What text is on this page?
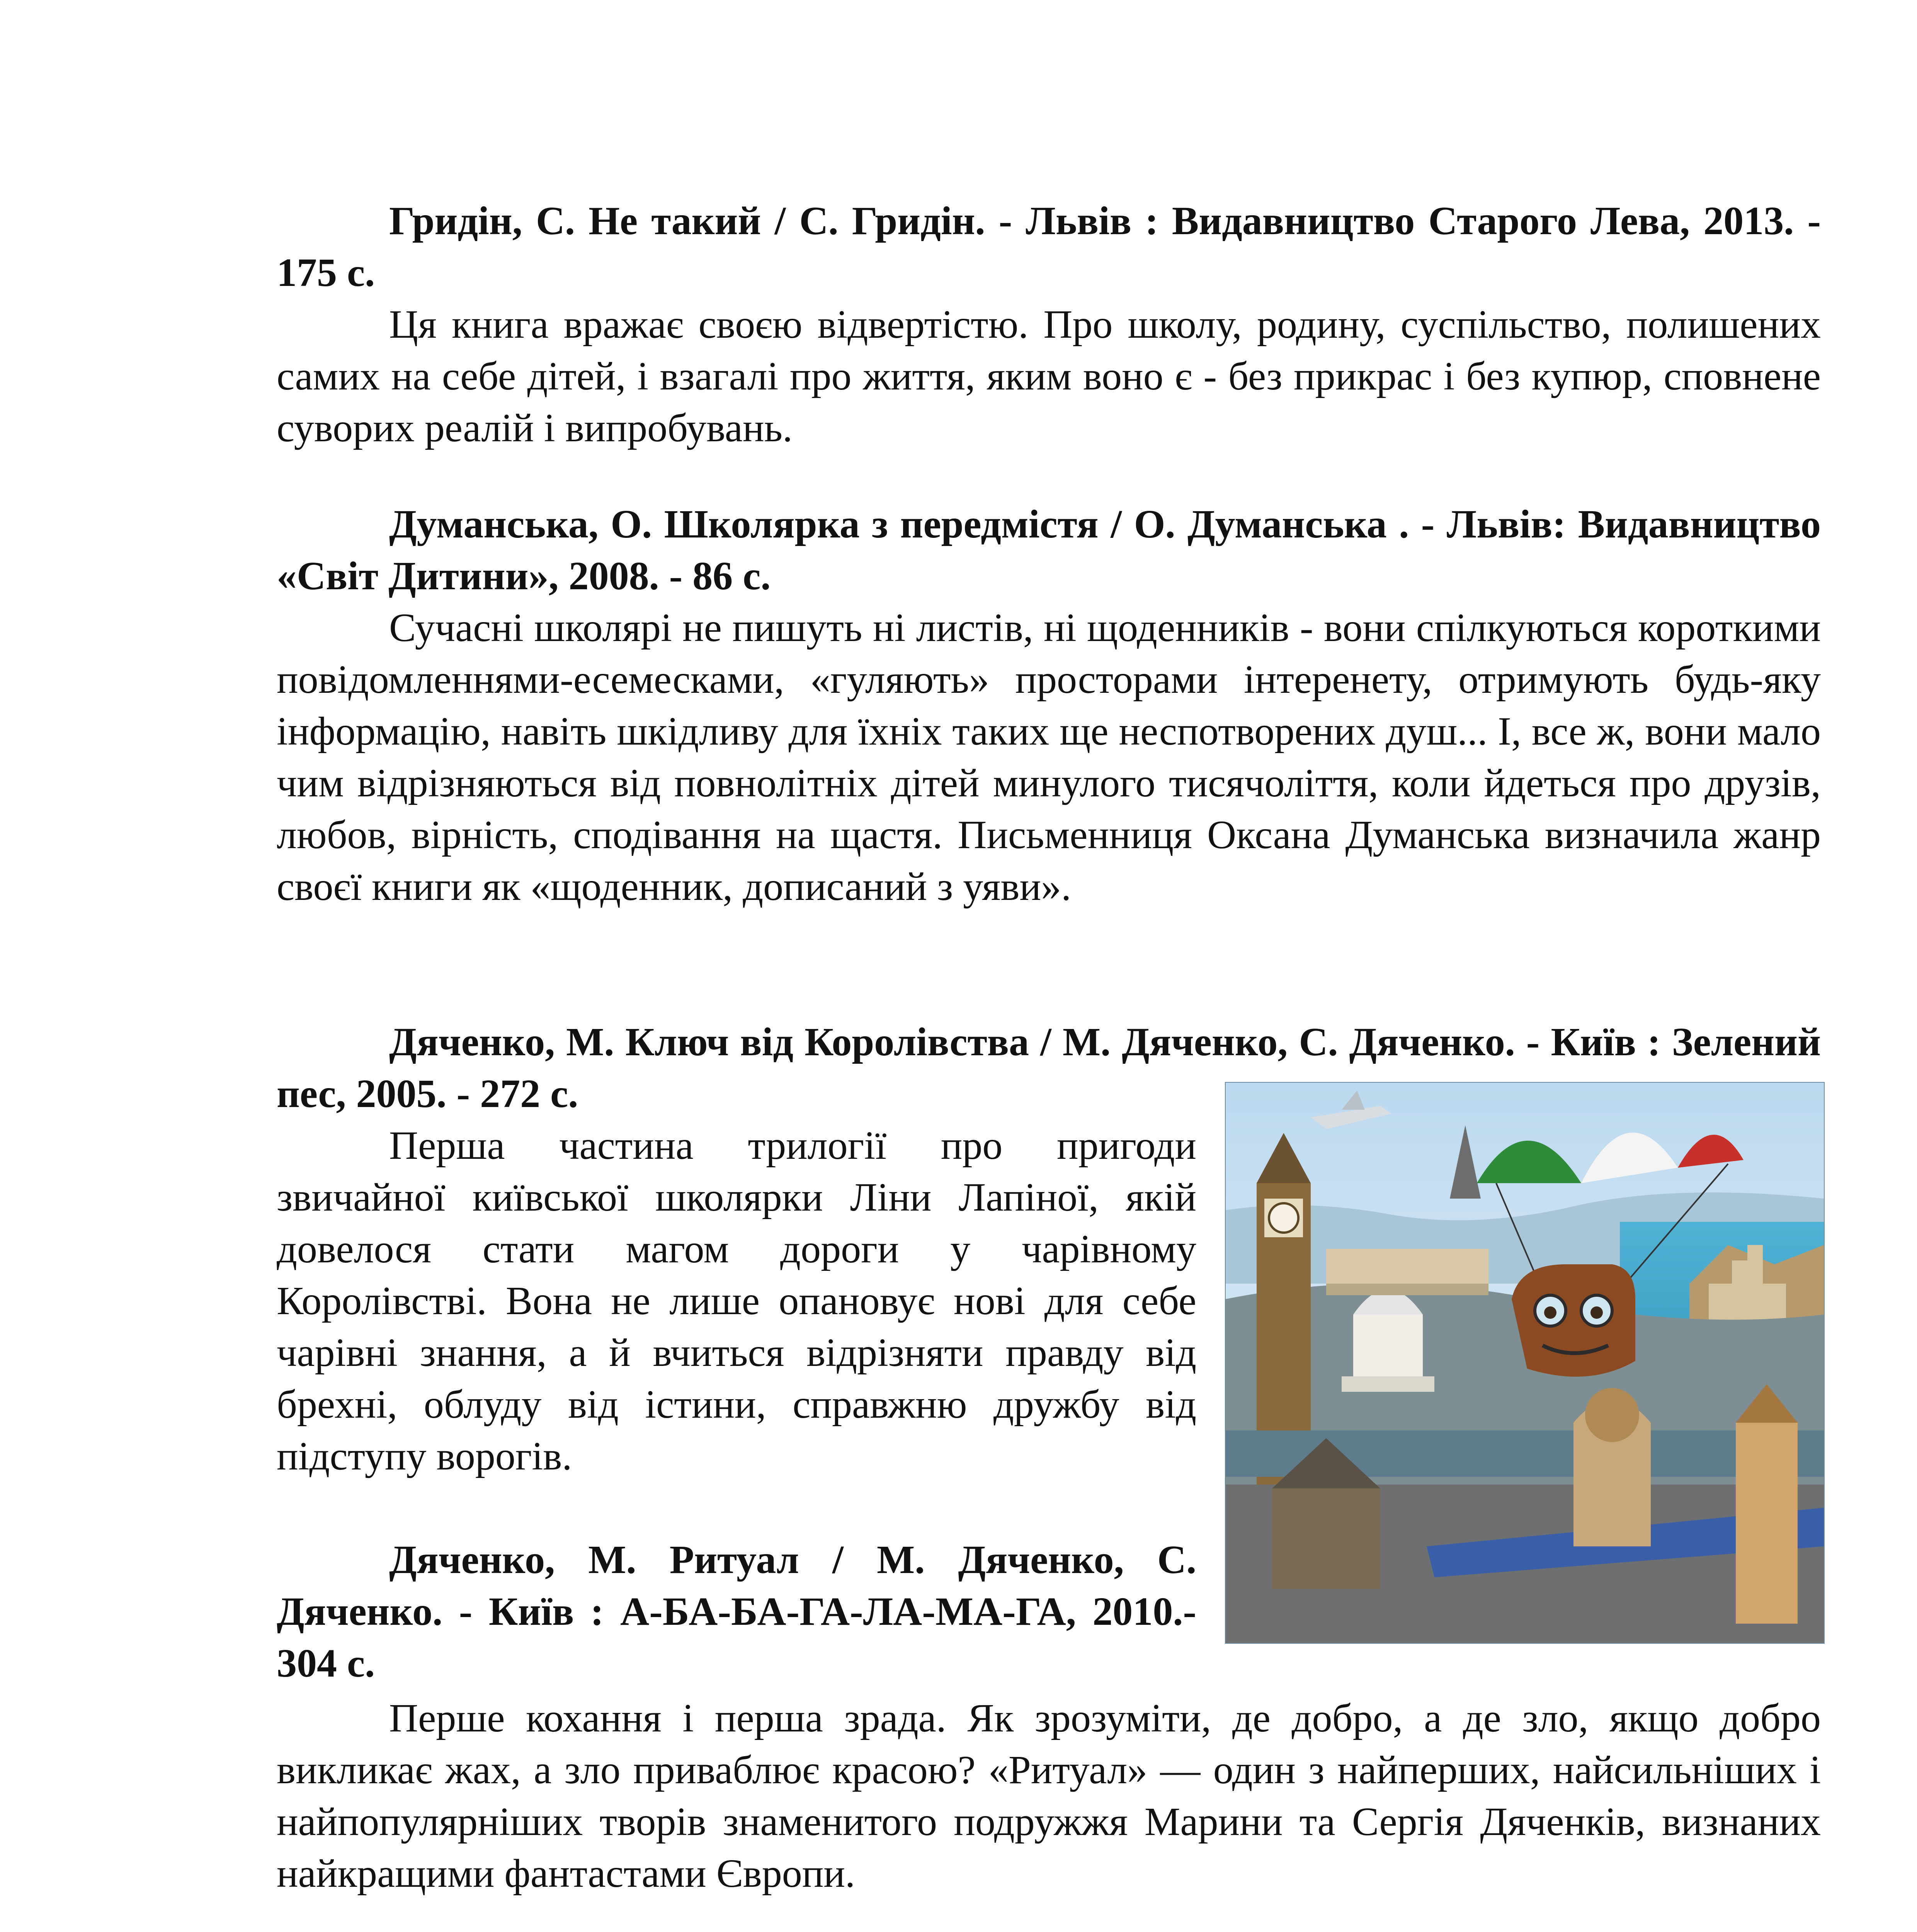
Гридін, С. Не такий / С. Гридін. - Львів : Видавництво Старого Лева, 2013. - 175 с.

Ця книга вражає своєю відвертістю. Про школу, родину, суспільство, полишених самих на себе дітей, і взагалі про життя, яким воно є - без прикрас і без купюр, сповнене суворих реалій і випробувань.

Думанська, О. Школярка з передмістя / О. Думанська . - Львів: Видавництво «Світ Дитини», 2008. - 86 с.

Сучасні школярі не пишуть ні листів, ні щоденників - вони спілкуються короткими повідомленнями-есемесками, «гуляють» просторами інтеренету, отримують будь-яку інформацію, навіть шкідливу для їхніх таких ще неспотворених душ... І, все ж, вони мало чим відрізняються від повнолітніх дітей минулого тисячоліття, коли йдеться про друзів, любов, вірність, сподівання на щастя. Письменниця Оксана Думанська визначила жанр своєї книги як «щоденник, дописаний з уяви».

Дяченко, М. Ключ від Королівства / М. Дяченко, С. Дяченко. - Київ : Зелений пес, 2005. - 272 с.

Перша частина трилогії про пригоди звичайної київської школярки Ліни Лапіної, якій довелося стати магом дороги у чарівному Королівстві. Вона не лише опановує нові для себе чарівні знання, а й вчиться відрізняти правду від брехні, облуду від істини, справжню дружбу від підступу ворогів.

Дяченко, М. Ритуал / М. Дяченко, С. Дяченко. - Київ : А-БА-БА-ГА-ЛА-МА-ГА, 2010.- 304 с.

Перше кохання і перша зрада. Як зрозуміти, де добро, а де зло, якщо добро викликає жах, а зло приваблює красою? «Ритуал» — один з найперших, найсильніших і найпопулярніших творів знаменитого подружжя Марини та Сергія Дяченків, визнаних найкращими фантастами Європи.
